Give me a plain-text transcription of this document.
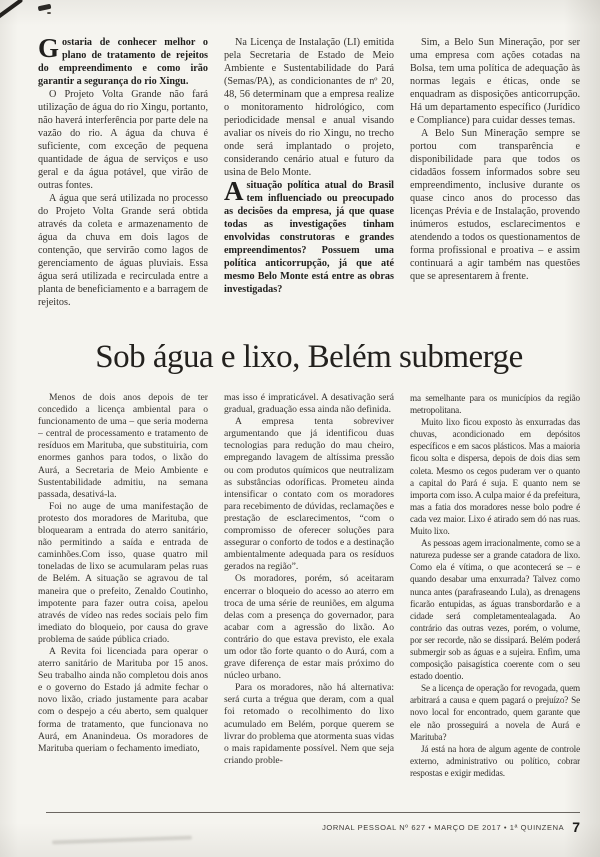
Gostaria de conhecer melhor o plano de tratamento de rejeitos do empreendimento e como irão garantir a segurança do rio Xingu.

O Projeto Volta Grande não fará utilização de água do rio Xingu, portanto, não haverá interferência por parte dele na vazão do rio. A água da chuva é suficiente, com exceção de pequena quantidade de água de serviços e uso geral e da água potável, que virão de outras fontes.

A água que será utilizada no processo do Projeto Volta Grande será obtida através da coleta e armazenamento de água da chuva em dois lagos de contenção, que servirão como lagos de gerenciamento de águas pluviais. Essa água será utilizada e recirculada entre a planta de beneficiamento e a barragem de rejeitos.

Na Licença de Instalação (LI) emitida pela Secretaria de Estado de Meio Ambiente e Sustentabilidade do Pará (Semas/PA), as condicionantes de nº 20, 48, 56 determinam que a empresa realize o monitoramento hidrológico, com periodicidade mensal e anual visando avaliar os níveis do rio Xingu, no trecho onde será implantado o projeto, considerando cenário atual e futuro da usina de Belo Monte.

Asituação política atual do Brasil tem influenciado ou preocupado as decisões da empresa, já que quase todas as investigações tinham envolvidas construtoras e grandes empreendimentos? Possuem uma política anticorrupção, já que até mesmo Belo Monte está entre as obras investigadas?

Sim, a Belo Sun Mineração, por ser uma empresa com ações cotadas na Bolsa, tem uma política de adequação às normas legais e éticas, onde se enquadram as disposições anticorrupção. Há um departamento específico (Jurídico e Compliance) para cuidar desses temas.

A Belo Sun Mineração sempre se portou com transparência e disponibilidade para que todos os cidadãos fossem informados sobre seu empreendimento, inclusive durante os quase cinco anos do processo das licenças Prévia e de Instalação, provendo inúmeros estudos, esclarecimentos e atendendo a todos os questionamentos de forma profissional e proativa – e assim continuará a agir também nas questões que se apresentarem à frente.

Sob água e lixo, Belém submerge

Menos de dois anos depois de ter concedido a licença ambiental para o funcionamento de uma – que seria moderna – central de processamento e tratamento de resíduos em Marituba, que substituiria, com enormes ganhos para todos, o lixão do Aurá, a Secretaria de Meio Ambiente e Sustentabilidade admitiu, na semana passada, desativá-la.

Foi no auge de uma manifestação de protesto dos moradores de Marituba, que bloquearam a entrada do aterro sanitário, não permitindo a saída e entrada de caminhões.Com isso, quase quatro mil toneladas de lixo se acumularam pelas ruas de Belém. A situação se agravou de tal maneira que o prefeito, Zenaldo Coutinho, impotente para fazer outra coisa, apelou através de vídeo nas redes sociais pelo fim imediato do bloqueio, por causa do grave problema de saúde pública criado.

A Revita foi licenciada para operar o aterro sanitário de Marituba por 15 anos. Seu trabalho ainda não completou dois anos e o governo do Estado já admite fechar o novo lixão, criado justamente para acabar com o despejo a céu aberto, sem qualquer forma de tratamento, que funcionava no Aurá, em Ananindeua. Os moradores de Marituba queriam o fechamento imediato,

mas isso é impraticável. A desativação será gradual, graduação essa ainda não definida.

A empresa tenta sobreviver argumentando que já identificou duas tecnologias para redução do mau cheiro, empregando lavagem de altíssima pressão ou com produtos químicos que neutralizam as substâncias odoríficas. Prometeu ainda intensificar o contato com os moradores para recebimento de dúvidas, reclamações e prestação de esclarecimentos, “com o compromisso de oferecer soluções para assegurar o conforto de todos e a destinação ambientalmente adequada para os resíduos gerados na região”.

Os moradores, porém, só aceitaram encerrar o bloqueio do acesso ao aterro em troca de uma série de reuniões, em alguma delas com a presença do governador, para acabar com a agressão do lixão. Ao contrário do que estava previsto, ele exala um odor tão forte quanto o do Aurá, com a grave diferença de estar mais próximo do núcleo urbano.

Para os moradores, não há alternativa: será curta a trégua que deram, com a qual foi retomado o recolhimento do lixo acumulado em Belém, porque querem se livrar do problema que atormenta suas vidas o mais rapidamente possível. Nem que seja criando proble-

ma semelhante para os municípios da região metropolitana.

Muito lixo ficou exposto às enxurradas das chuvas, acondicionado em depósitos específicos e em sacos plásticos. Mas a maioria ficou solta e dispersa, depois de dois dias sem coleta. Mesmo os cegos puderam ver o quanto a capital do Pará é suja. E quanto nem se importa com isso. A culpa maior é da prefeitura, mas a fatia dos moradores nesse bolo podre é cada vez maior. Lixo é atirado sem dó nas ruas. Muito lixo.

As pessoas agem irracionalmente, como se a natureza pudesse ser a grande catadora de lixo. Como ela é vítima, o que acontecerá se – e quando desabar uma enxurrada? Talvez como nunca antes (parafraseando Lula), as drenagens ficarão entupidas, as águas transbordarão e a cidade será completamentealagada. Ao contrário das outras vezes, porém, o volume, por ser recorde, não se dissipará. Belém poderá submergir sob as águas e a sujeira. Enfim, uma composição paisagística coerente com o seu estado doentio.

Se a licença de operação for revogada, quem arbitrará a causa e quem pagará o prejuízo? Se novo local for encontrado, quem garante que ele não prosseguirá a novela de Aurá e Marituba?

Já está na hora de algum agente de controle externo, administrativo ou político, cobrar respostas e exigir medidas.

JORNAL PESSOAL Nº 627 • MARÇO DE 2017 • 1ª QUINZENA 7
